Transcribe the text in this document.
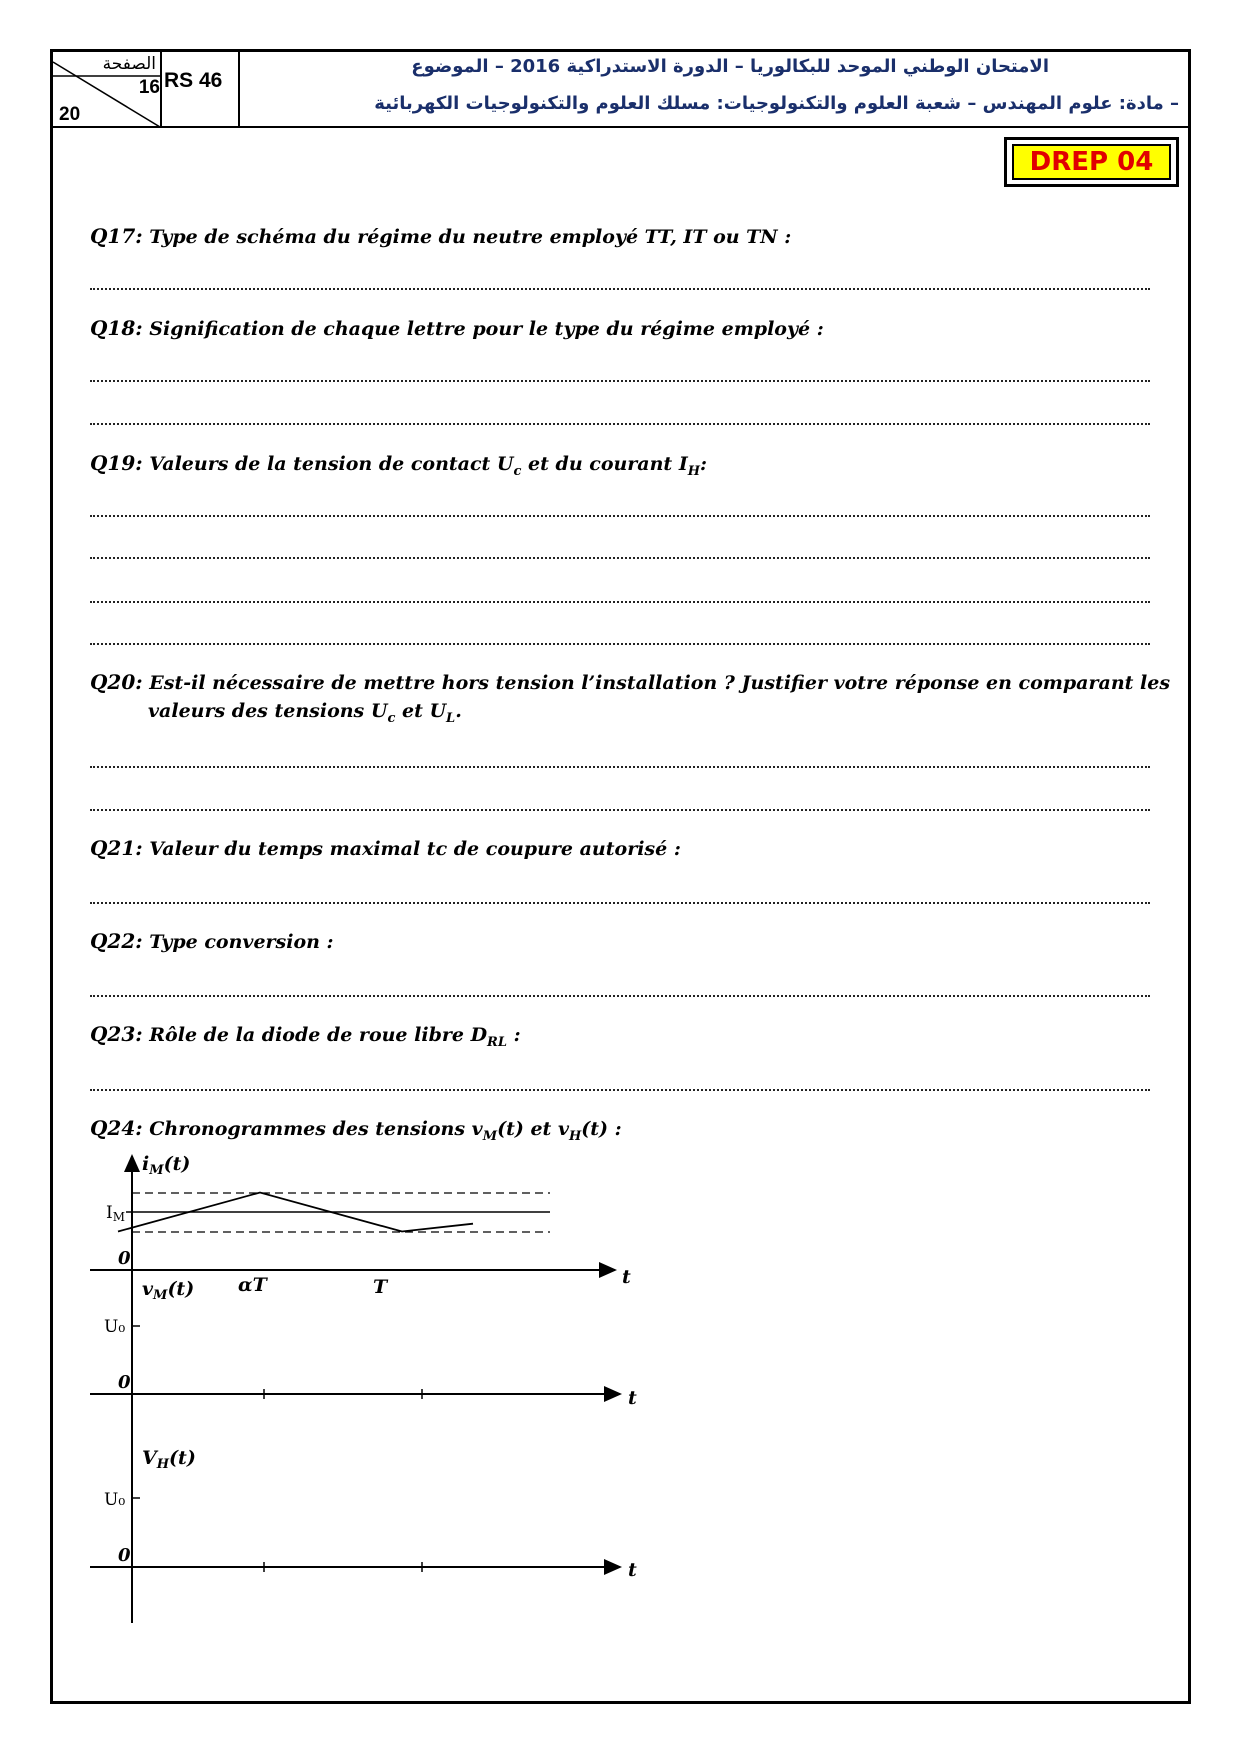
الصفحة
16
20
RS 46
الامتحان الوطني الموحد للبكالوريا – الدورة الاستدراكية 2016 – الموضوع
– مادة: علوم المهندس – شعبة العلوم والتكنولوجيات: مسلك العلوم والتكنولوجيات الكهربائية
DREP 04
Q17: Type de schéma du régime du neutre employé TT, IT ou TN :
Q18: Signification de chaque lettre pour le type du régime employé :
Q19: Valeurs de la tension de contact $U_c$ et du courant $I_H$:
Q20: Est-il nécessaire de mettre hors tension l’installation ? Justifier votre réponse en comparant les
valeurs des tensions $U_c$ et $U_L$.
Q21: Valeur du temps maximal tc de coupure autorisé :
Q22: Type conversion :
Q23: Rôle de la diode de roue libre $D_{RL}$ :
Q24: Chronogrammes des tensions $v_M(t)$ et $v_H(t)$ :
$i_M(t)$
IM
0
t
αT	T
$v_M(t)$
U₀
0
t
$V_H(t)$
U₀
0
t
